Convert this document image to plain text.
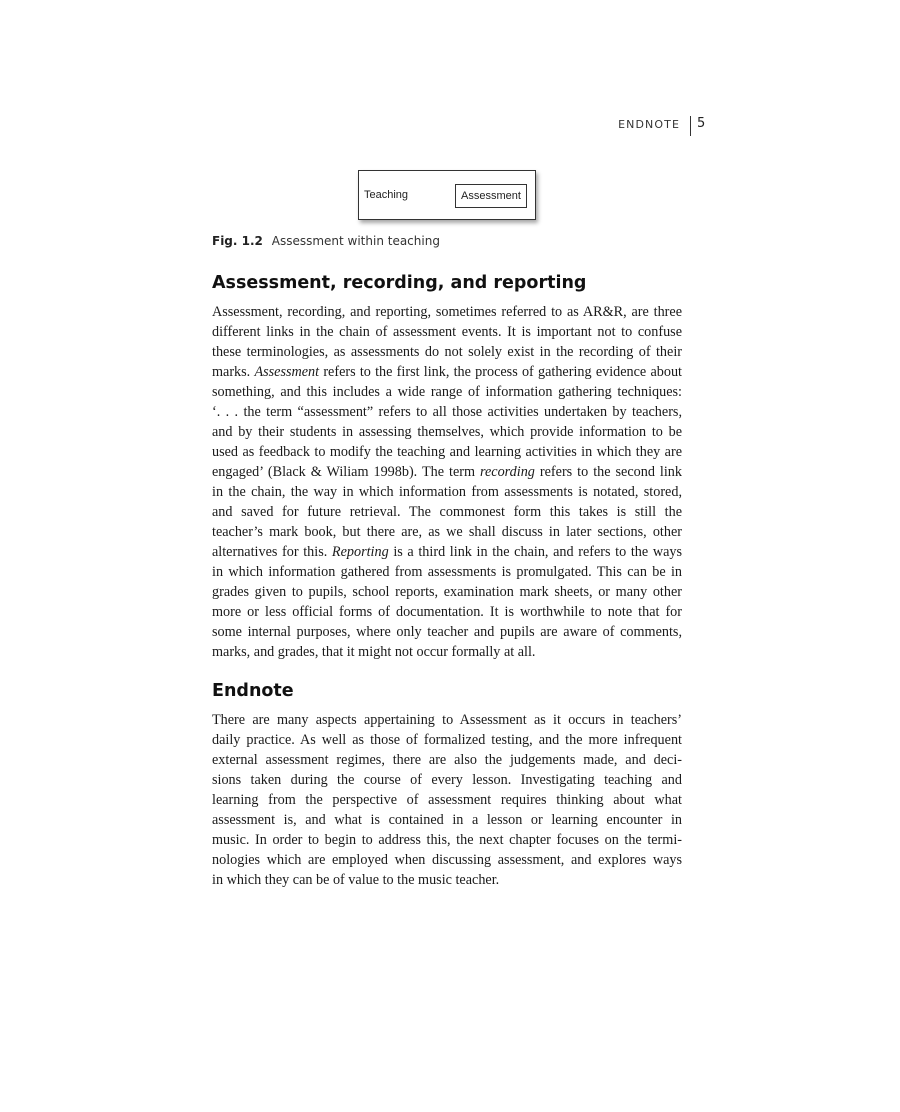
ENDNOTE 5
Teaching	Assessment
Fig. 1.2 Assessment within teaching
Assessment, recording, and reporting
Assessment, recording, and reporting, sometimes referred to as AR&R, are three
different links in the chain of assessment events. It is important not to confuse
these terminologies, as assessments do not solely exist in the recording of their
marks. Assessment refers to the first link, the process of gathering evidence about
something, and this includes a wide range of information gathering techniques:
‘. . . the term “assessment” refers to all those activities undertaken by teachers,
and by their students in assessing themselves, which provide information to be
used as feedback to modify the teaching and learning activities in which they are
engaged’ (Black & Wiliam 1998b). The term recording refers to the second link
in the chain, the way in which information from assessments is notated, stored,
and saved for future retrieval. The commonest form this takes is still the
teacher’s mark book, but there are, as we shall discuss in later sections, other
alternatives for this. Reporting is a third link in the chain, and refers to the ways
in which information gathered from assessments is promulgated. This can be in
grades given to pupils, school reports, examination mark sheets, or many other
more or less official forms of documentation. It is worthwhile to note that for
some internal purposes, where only teacher and pupils are aware of comments,
marks, and grades, that it might not occur formally at all.
Endnote
There are many aspects appertaining to Assessment as it occurs in teachers’
daily practice. As well as those of formalized testing, and the more infrequent
external assessment regimes, there are also the judgements made, and deci-
sions taken during the course of every lesson. Investigating teaching and
learning from the perspective of assessment requires thinking about what
assessment is, and what is contained in a lesson or learning encounter in
music. In order to begin to address this, the next chapter focuses on the termi-
nologies which are employed when discussing assessment, and explores ways
in which they can be of value to the music teacher.
